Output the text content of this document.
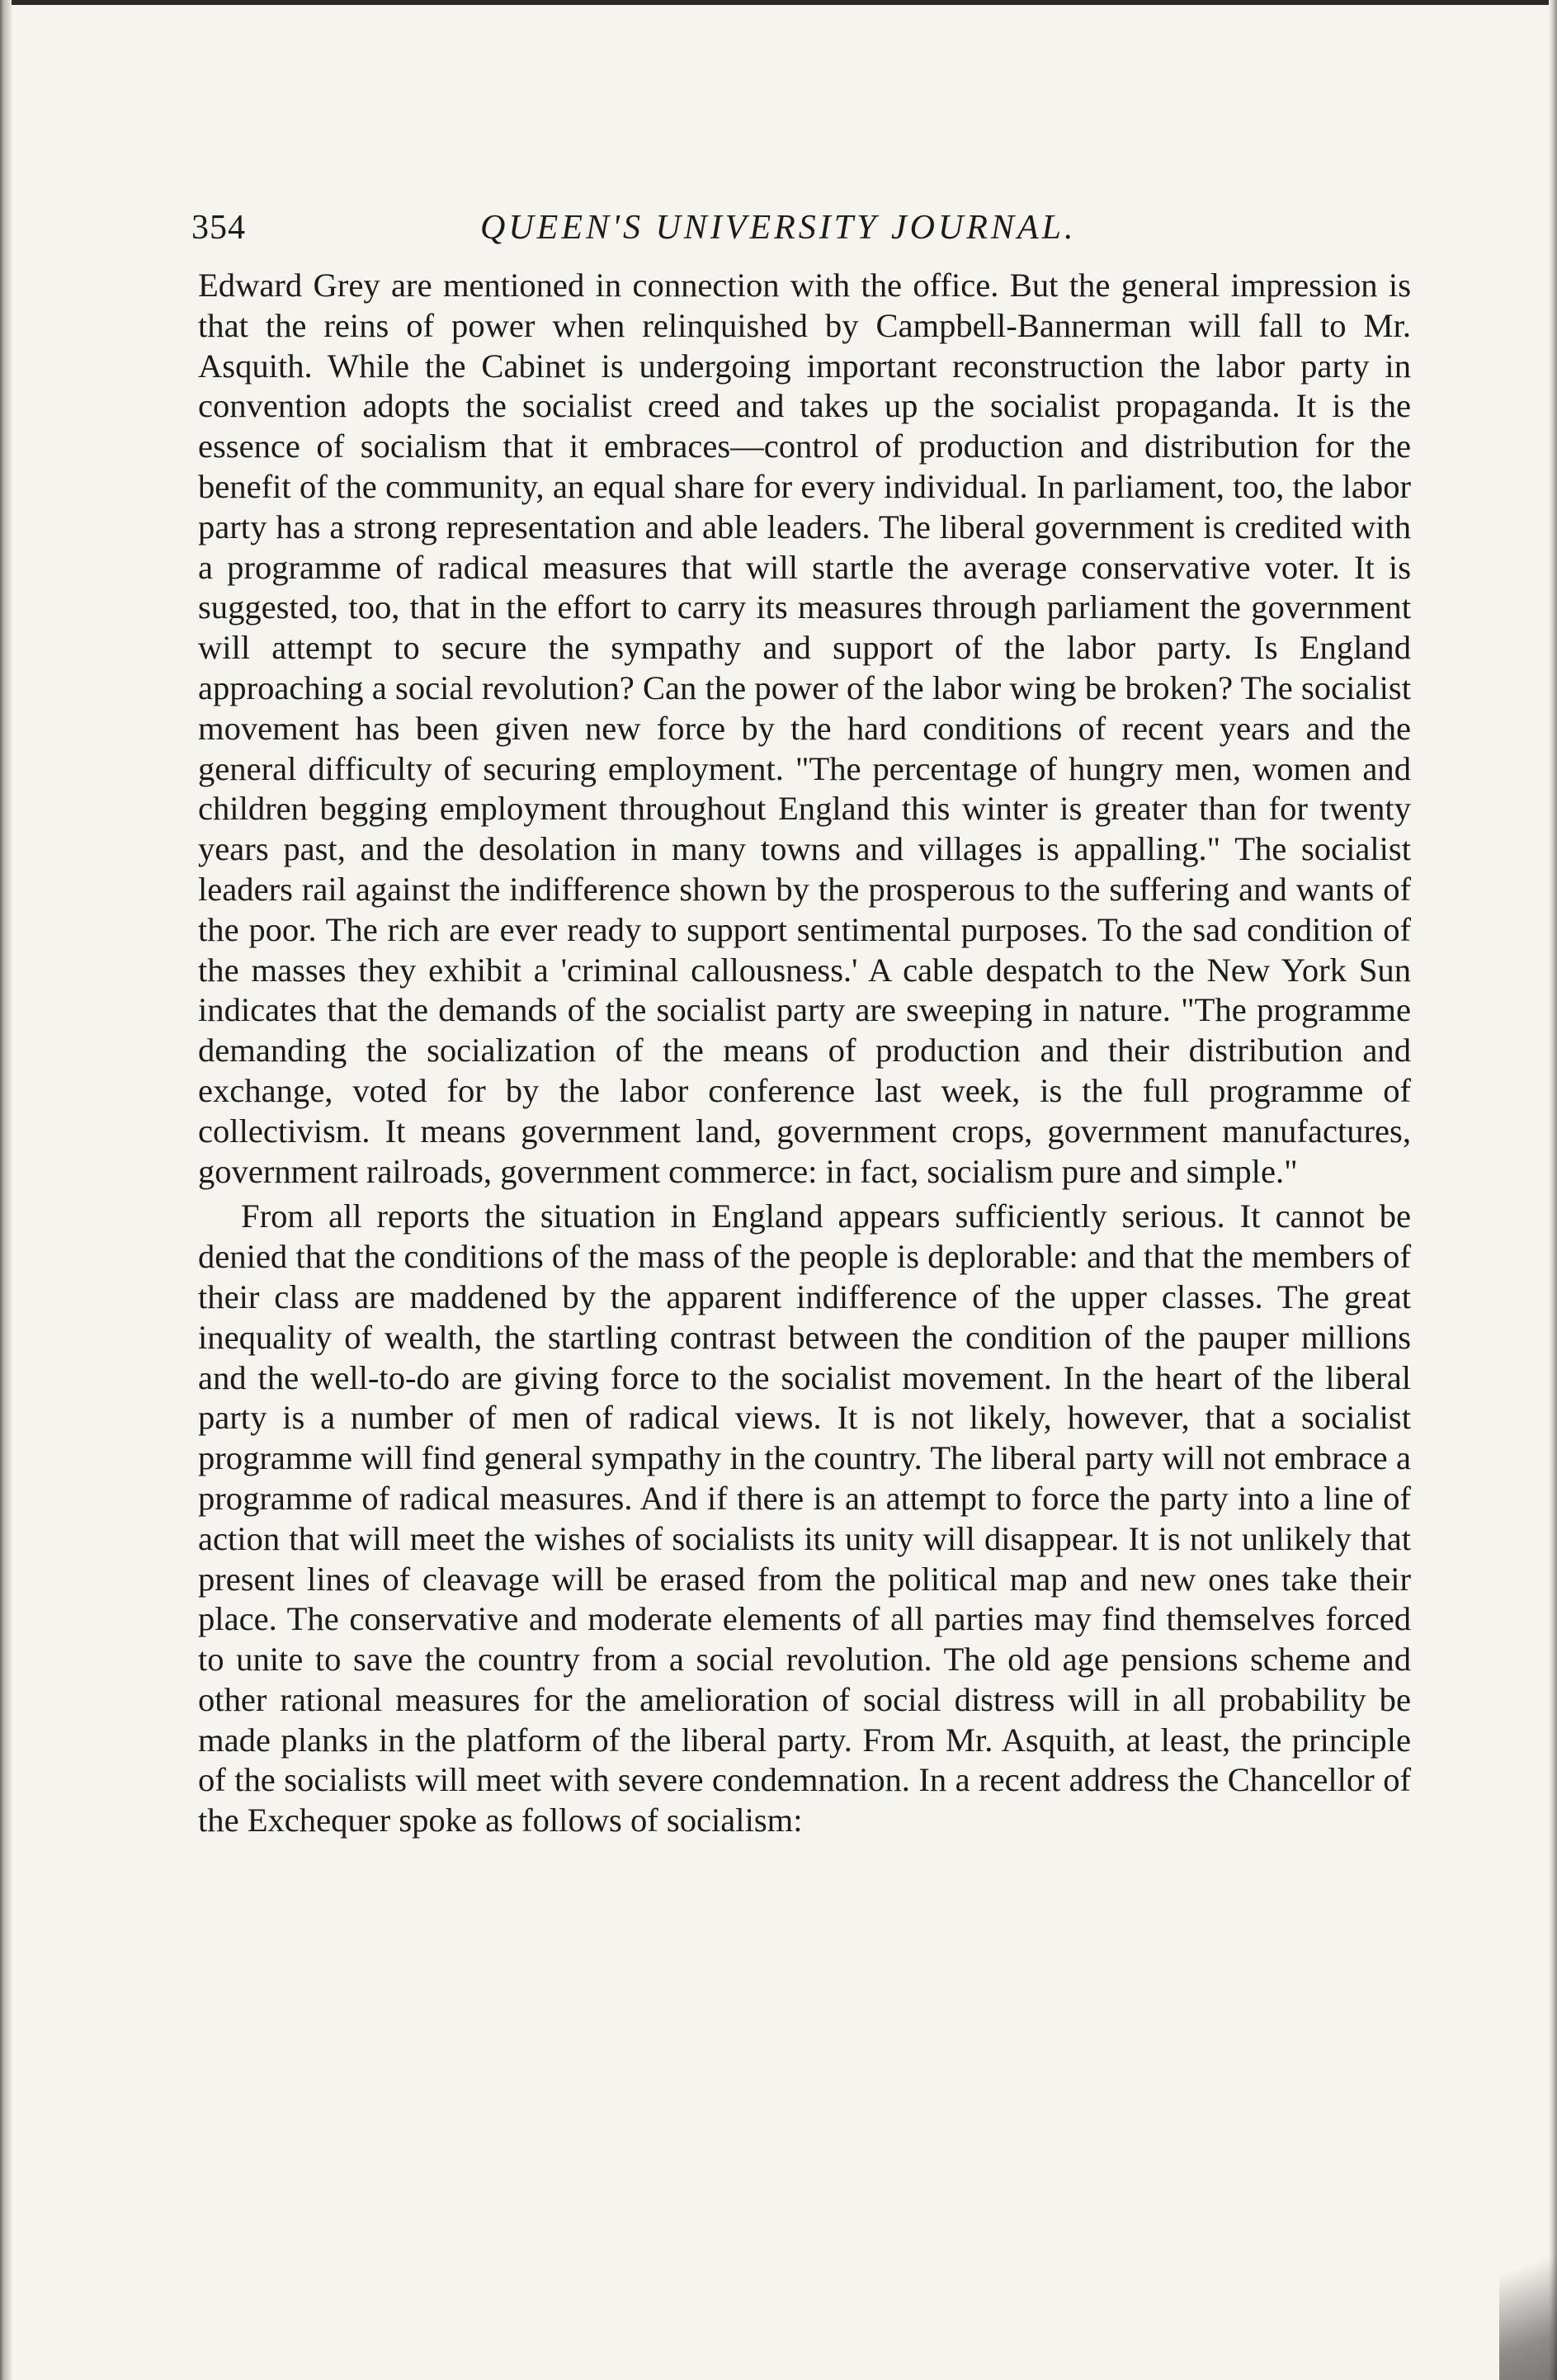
354	QUEEN'S UNIVERSITY JOURNAL.

Edward Grey are mentioned in connection with the office. But the general impression is that the reins of power when relinquished by Campbell-Bannerman will fall to Mr. Asquith. While the Cabinet is undergoing important reconstruction the labor party in convention adopts the socialist creed and takes up the socialist propaganda. It is the essence of socialism that it embraces—control of production and distribution for the benefit of the community, an equal share for every individual. In parliament, too, the labor party has a strong representation and able leaders. The liberal government is credited with a programme of radical measures that will startle the average conservative voter. It is suggested, too, that in the effort to carry its measures through parliament the government will attempt to secure the sympathy and support of the labor party. Is England approaching a social revolution? Can the power of the labor wing be broken? The socialist movement has been given new force by the hard conditions of recent years and the general difficulty of securing employment. "The percentage of hungry men, women and children begging employment throughout England this winter is greater than for twenty years past, and the desolation in many towns and villages is appalling." The socialist leaders rail against the indifference shown by the prosperous to the suffering and wants of the poor. The rich are ever ready to support sentimental purposes. To the sad condition of the masses they exhibit a 'criminal callousness.' A cable despatch to the New York Sun indicates that the demands of the socialist party are sweeping in nature. "The programme demanding the socialization of the means of production and their distribution and exchange, voted for by the labor conference last week, is the full programme of collectivism. It means government land, government crops, government manufactures, government railroads, government commerce: in fact, socialism pure and simple."

From all reports the situation in England appears sufficiently serious. It cannot be denied that the conditions of the mass of the people is deplorable: and that the members of their class are maddened by the apparent indifference of the upper classes. The great inequality of wealth, the startling contrast between the condition of the pauper millions and the well-to-do are giving force to the socialist movement. In the heart of the liberal party is a number of men of radical views. It is not likely, however, that a socialist programme will find general sympathy in the country. The liberal party will not embrace a programme of radical measures. And if there is an attempt to force the party into a line of action that will meet the wishes of socialists its unity will disappear. It is not unlikely that present lines of cleavage will be erased from the political map and new ones take their place. The conservative and moderate elements of all parties may find themselves forced to unite to save the country from a social revolution. The old age pensions scheme and other rational measures for the amelioration of social distress will in all probability be made planks in the platform of the liberal party. From Mr. Asquith, at least, the principle of the socialists will meet with severe condemnation. In a recent address the Chancellor of the Exchequer spoke as follows of socialism:
